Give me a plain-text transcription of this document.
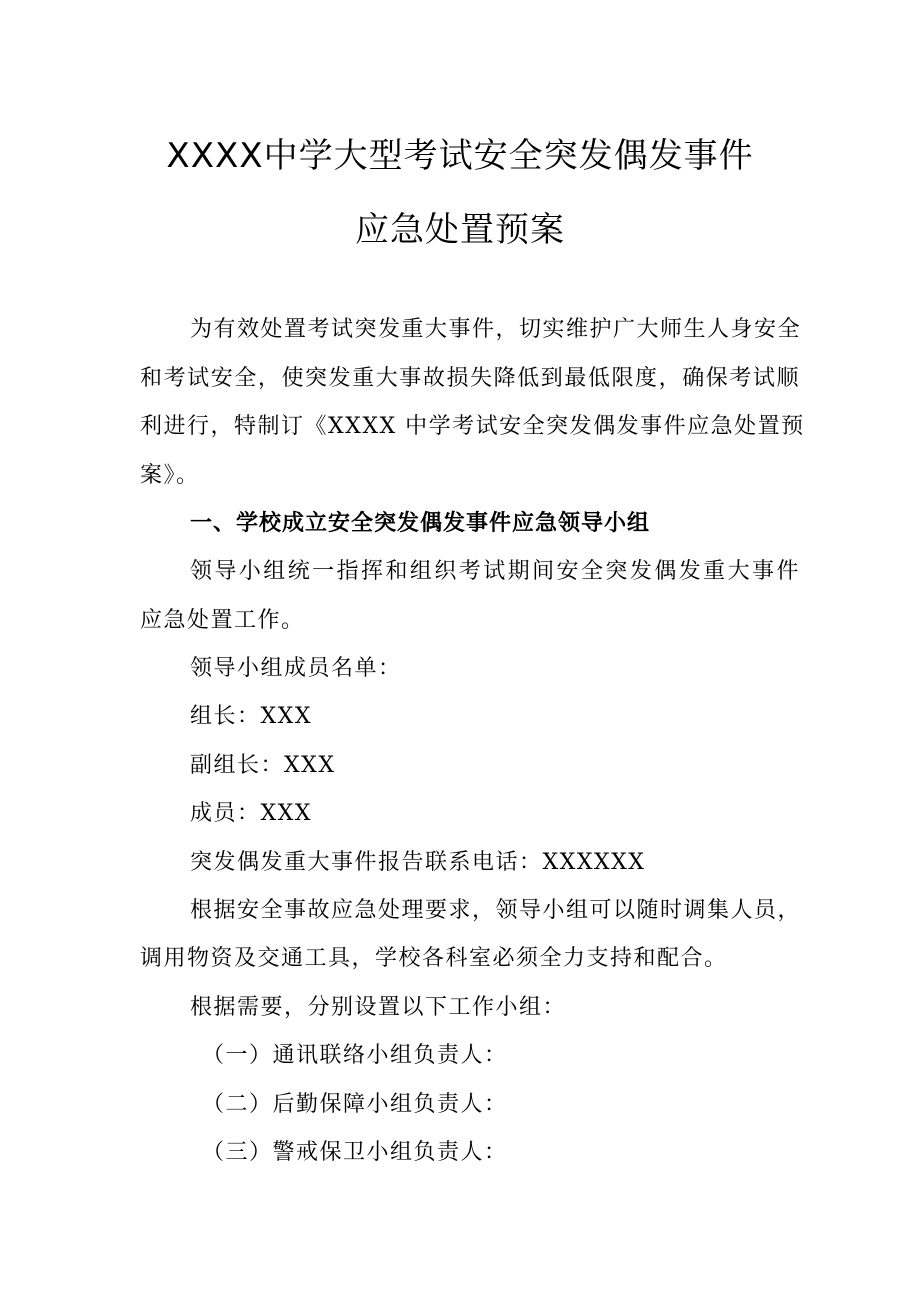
XXXX中学大型考试安全突发偶发事件
应急处置预案
为有效处置考试突发重大事件，切实维护广大师生人身安全
和考试安全，使突发重大事故损失降低到最低限度，确保考试顺
利进行，特制订《XXXX 中学考试安全突发偶发事件应急处置预
案》。
一、学校成立安全突发偶发事件应急领导小组
领导小组统一指挥和组织考试期间安全突发偶发重大事件
应急处置工作。
领导小组成员名单：
组长：XXX
副组长：XXX
成员：XXX
突发偶发重大事件报告联系电话：XXXXXX
根据安全事故应急处理要求，领导小组可以随时调集人员，
调用物资及交通工具，学校各科室必须全力支持和配合。
根据需要，分别设置以下工作小组：
（一）通讯联络小组负责人：
（二）后勤保障小组负责人：
（三）警戒保卫小组负责人：
